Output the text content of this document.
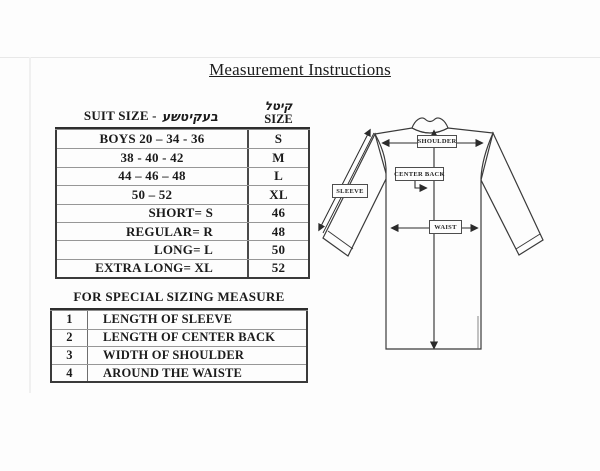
Measurement Instructions
SUIT SIZE - בעקיטשע
קיטל
SIZE
BOYS 20 – 34 - 36	S
38 - 40 - 42	M
44 – 46 – 48	L
50 – 52	XL
SHORT= S	46
REGULAR= R	48
LONG= L	50
EXTRA LONG= XL	52
FOR SPECIAL SIZING MEASURE
1	LENGTH OF SLEEVE
2	LENGTH OF CENTER BACK
3	WIDTH OF SHOULDER
4	AROUND THE WAISTE
SHOULDER
CENTER BACK
WAIST
SLEEVE
